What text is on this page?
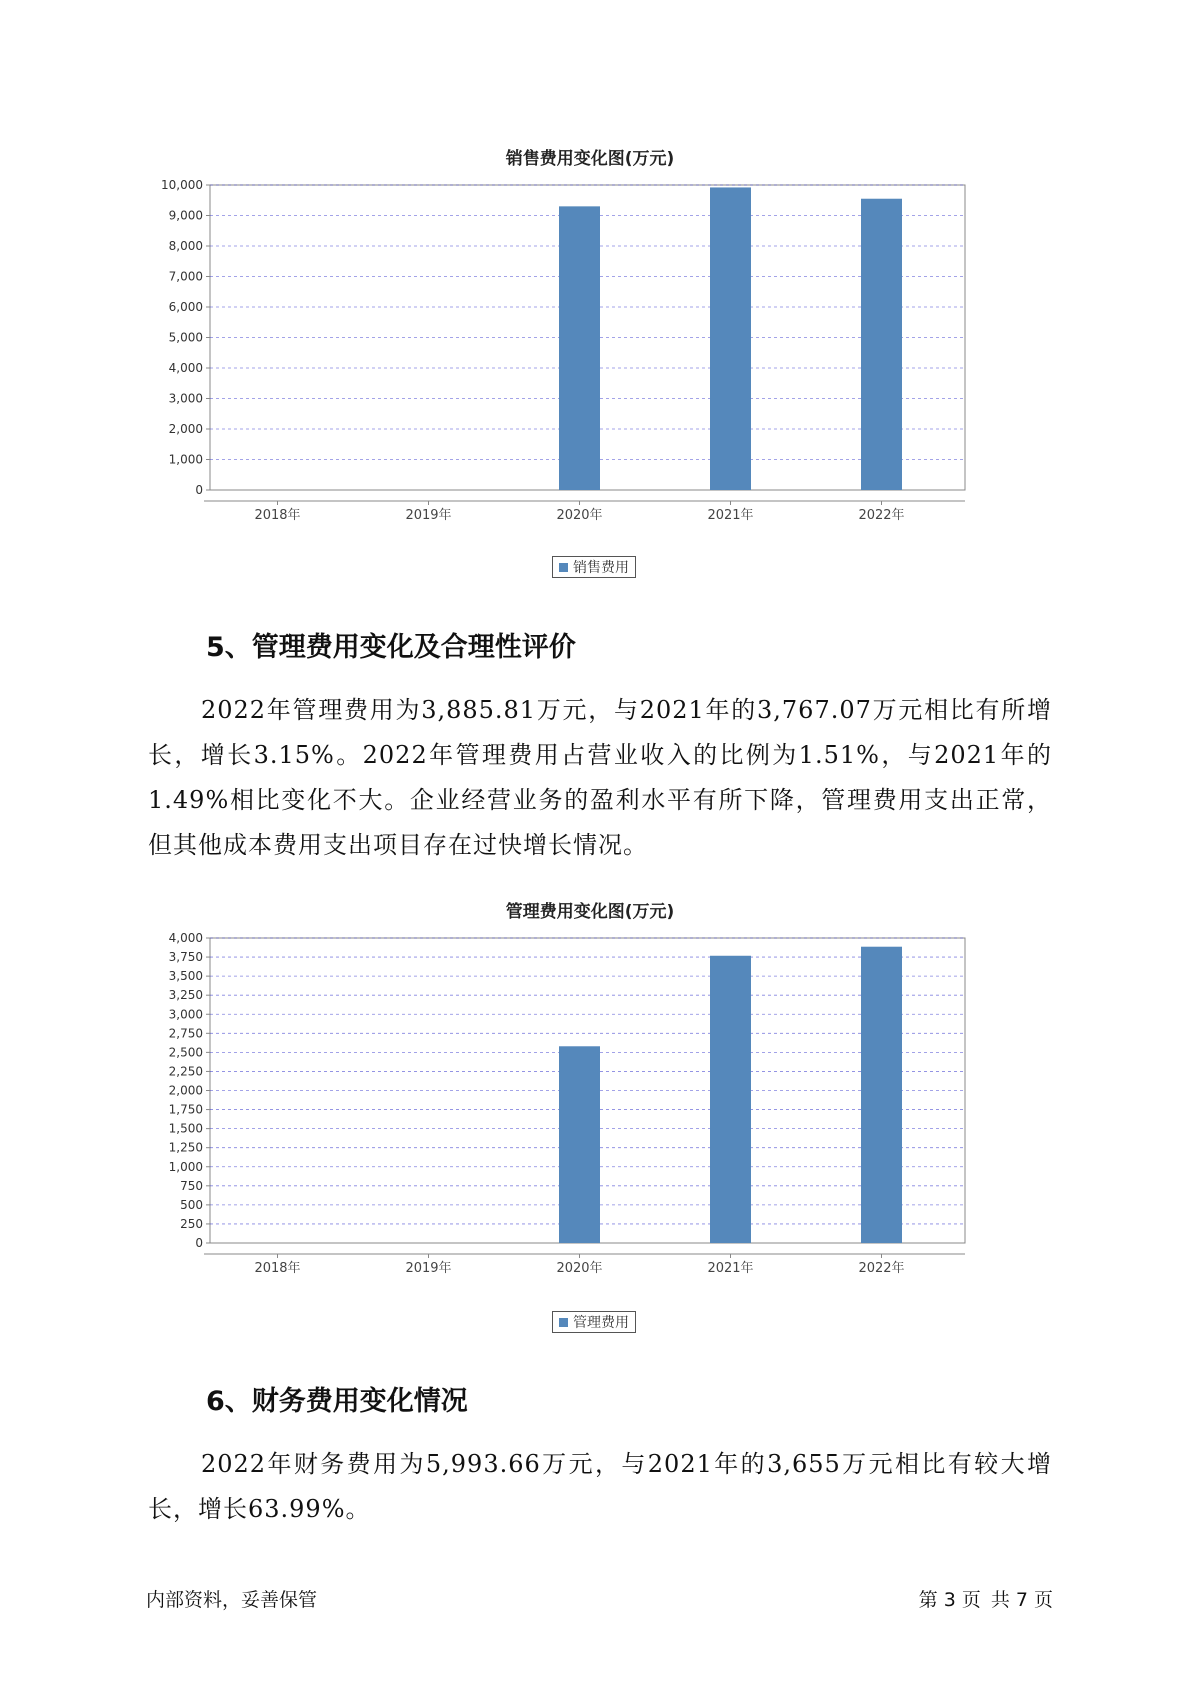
销售费用变化图(万元)
0
1,000
2,000
3,000
4,000
5,000
6,000
7,000
8,000
9,000
10,000
2018年	2019年	2020年	2021年	2022年
销售费用
5、管理费用变化及合理性评价

2022年管理费用为3,885.81万元，与2021年的3,767.07万元相比有所增长，增长3.15%。2022年管理费用占营业收入的比例为1.51%，与2021年的1.49%相比变化不大。企业经营业务的盈利水平有所下降，管理费用支出正常，但其他成本费用支出项目存在过快增长情况。

管理费用变化图(万元)
0
250
500
750
1,000
1,250
1,500
1,750
2,000
2,250
2,500
2,750
3,000
3,250
3,500
3,750
4,000
2018年	2019年	2020年	2021年	2022年
管理费用
6、财务费用变化情况

2022年财务费用为5,993.66万元，与2021年的3,655万元相比有较大增长，增长63.99%。

内部资料，妥善保管	第 3 页 共 7 页
